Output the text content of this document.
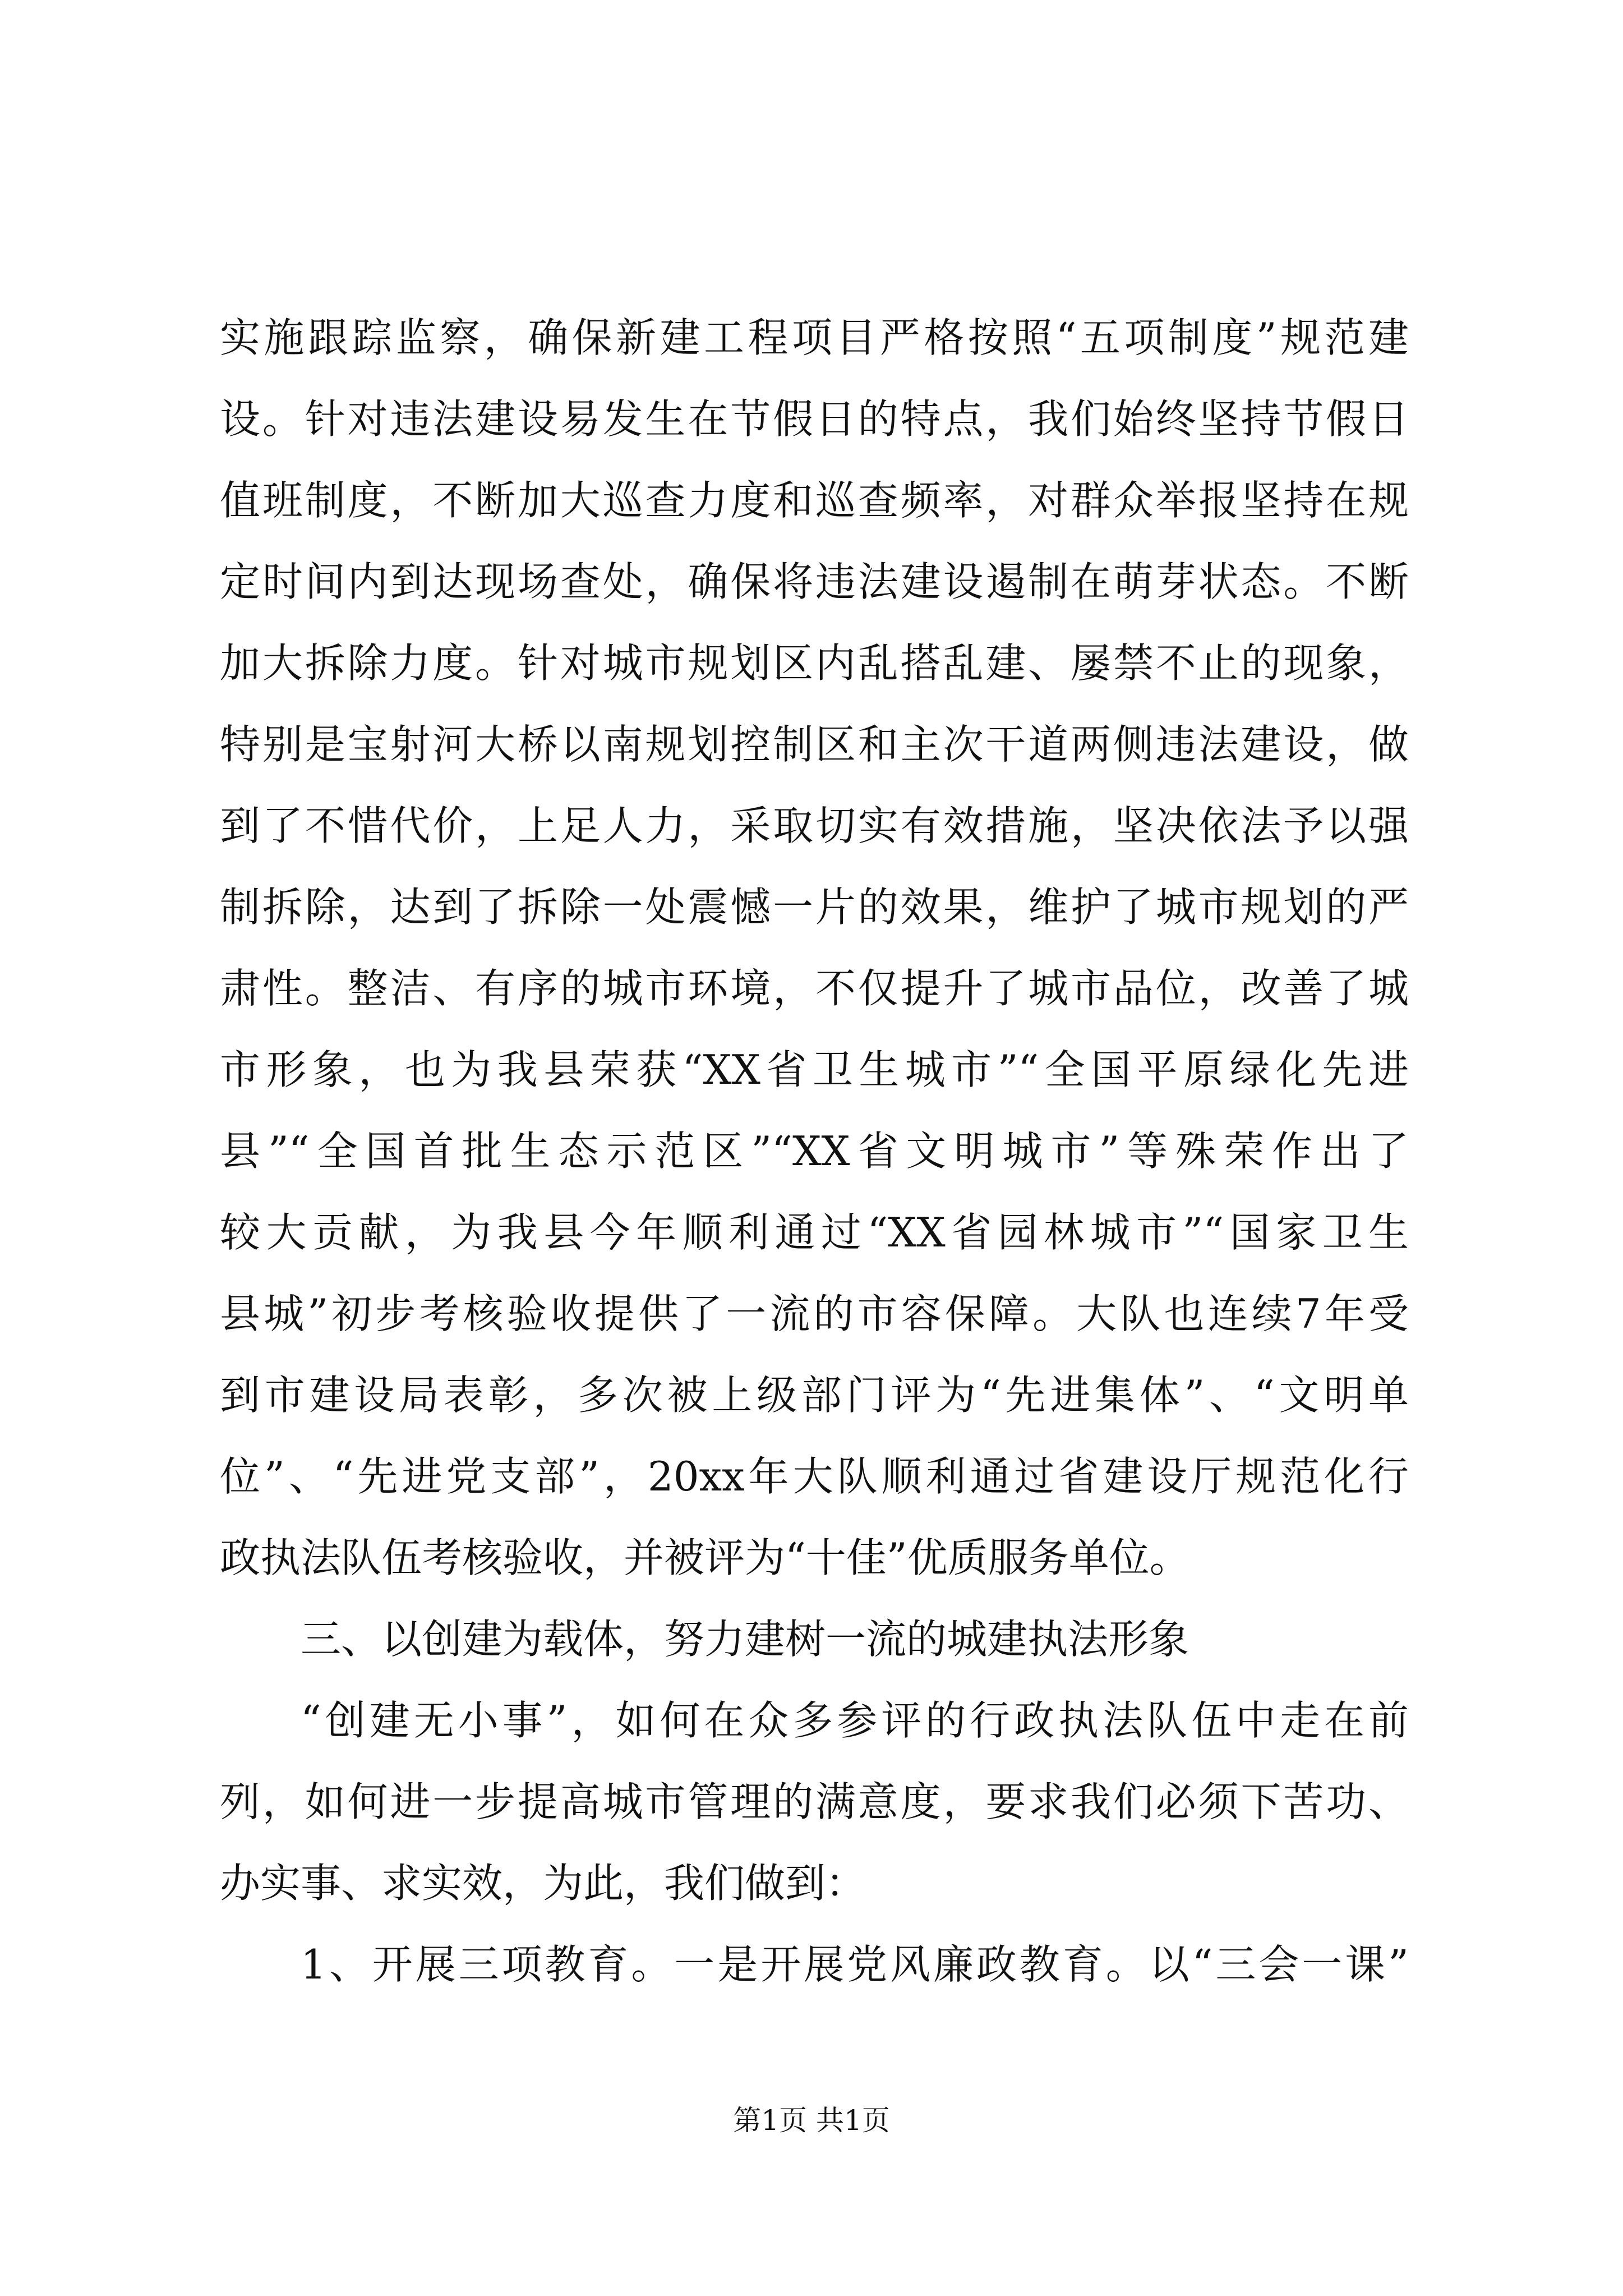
实施跟踪监察，确保新建工程项目严格按照“五项制度”规范建
设。针对违法建设易发生在节假日的特点，我们始终坚持节假日
值班制度，不断加大巡查力度和巡查频率，对群众举报坚持在规
定时间内到达现场查处，确保将违法建设遏制在萌芽状态。不断
加大拆除力度。针对城市规划区内乱搭乱建、屡禁不止的现象，
特别是宝射河大桥以南规划控制区和主次干道两侧违法建设，做
到了不惜代价，上足人力，采取切实有效措施，坚决依法予以强
制拆除，达到了拆除一处震憾一片的效果，维护了城市规划的严
肃性。整洁、有序的城市环境，不仅提升了城市品位，改善了城
市形象，也为我县荣获“XX省卫生城市”“全国平原绿化先进
县”“全国首批生态示范区”“XX省文明城市”等殊荣作出了
较大贡献，为我县今年顺利通过“XX省园林城市”“国家卫生
县城”初步考核验收提供了一流的市容保障。大队也连续7年受
到市建设局表彰，多次被上级部门评为“先进集体”、“文明单
位”、“先进党支部”，20xx年大队顺利通过省建设厅规范化行
政执法队伍考核验收，并被评为“十佳”优质服务单位。
三、以创建为载体，努力建树一流的城建执法形象
“创建无小事”，如何在众多参评的行政执法队伍中走在前
列，如何进一步提高城市管理的满意度，要求我们必须下苦功、
办实事、求实效，为此，我们做到：
1、开展三项教育。一是开展党风廉政教育。以“三会一课”
第1页 共1页
